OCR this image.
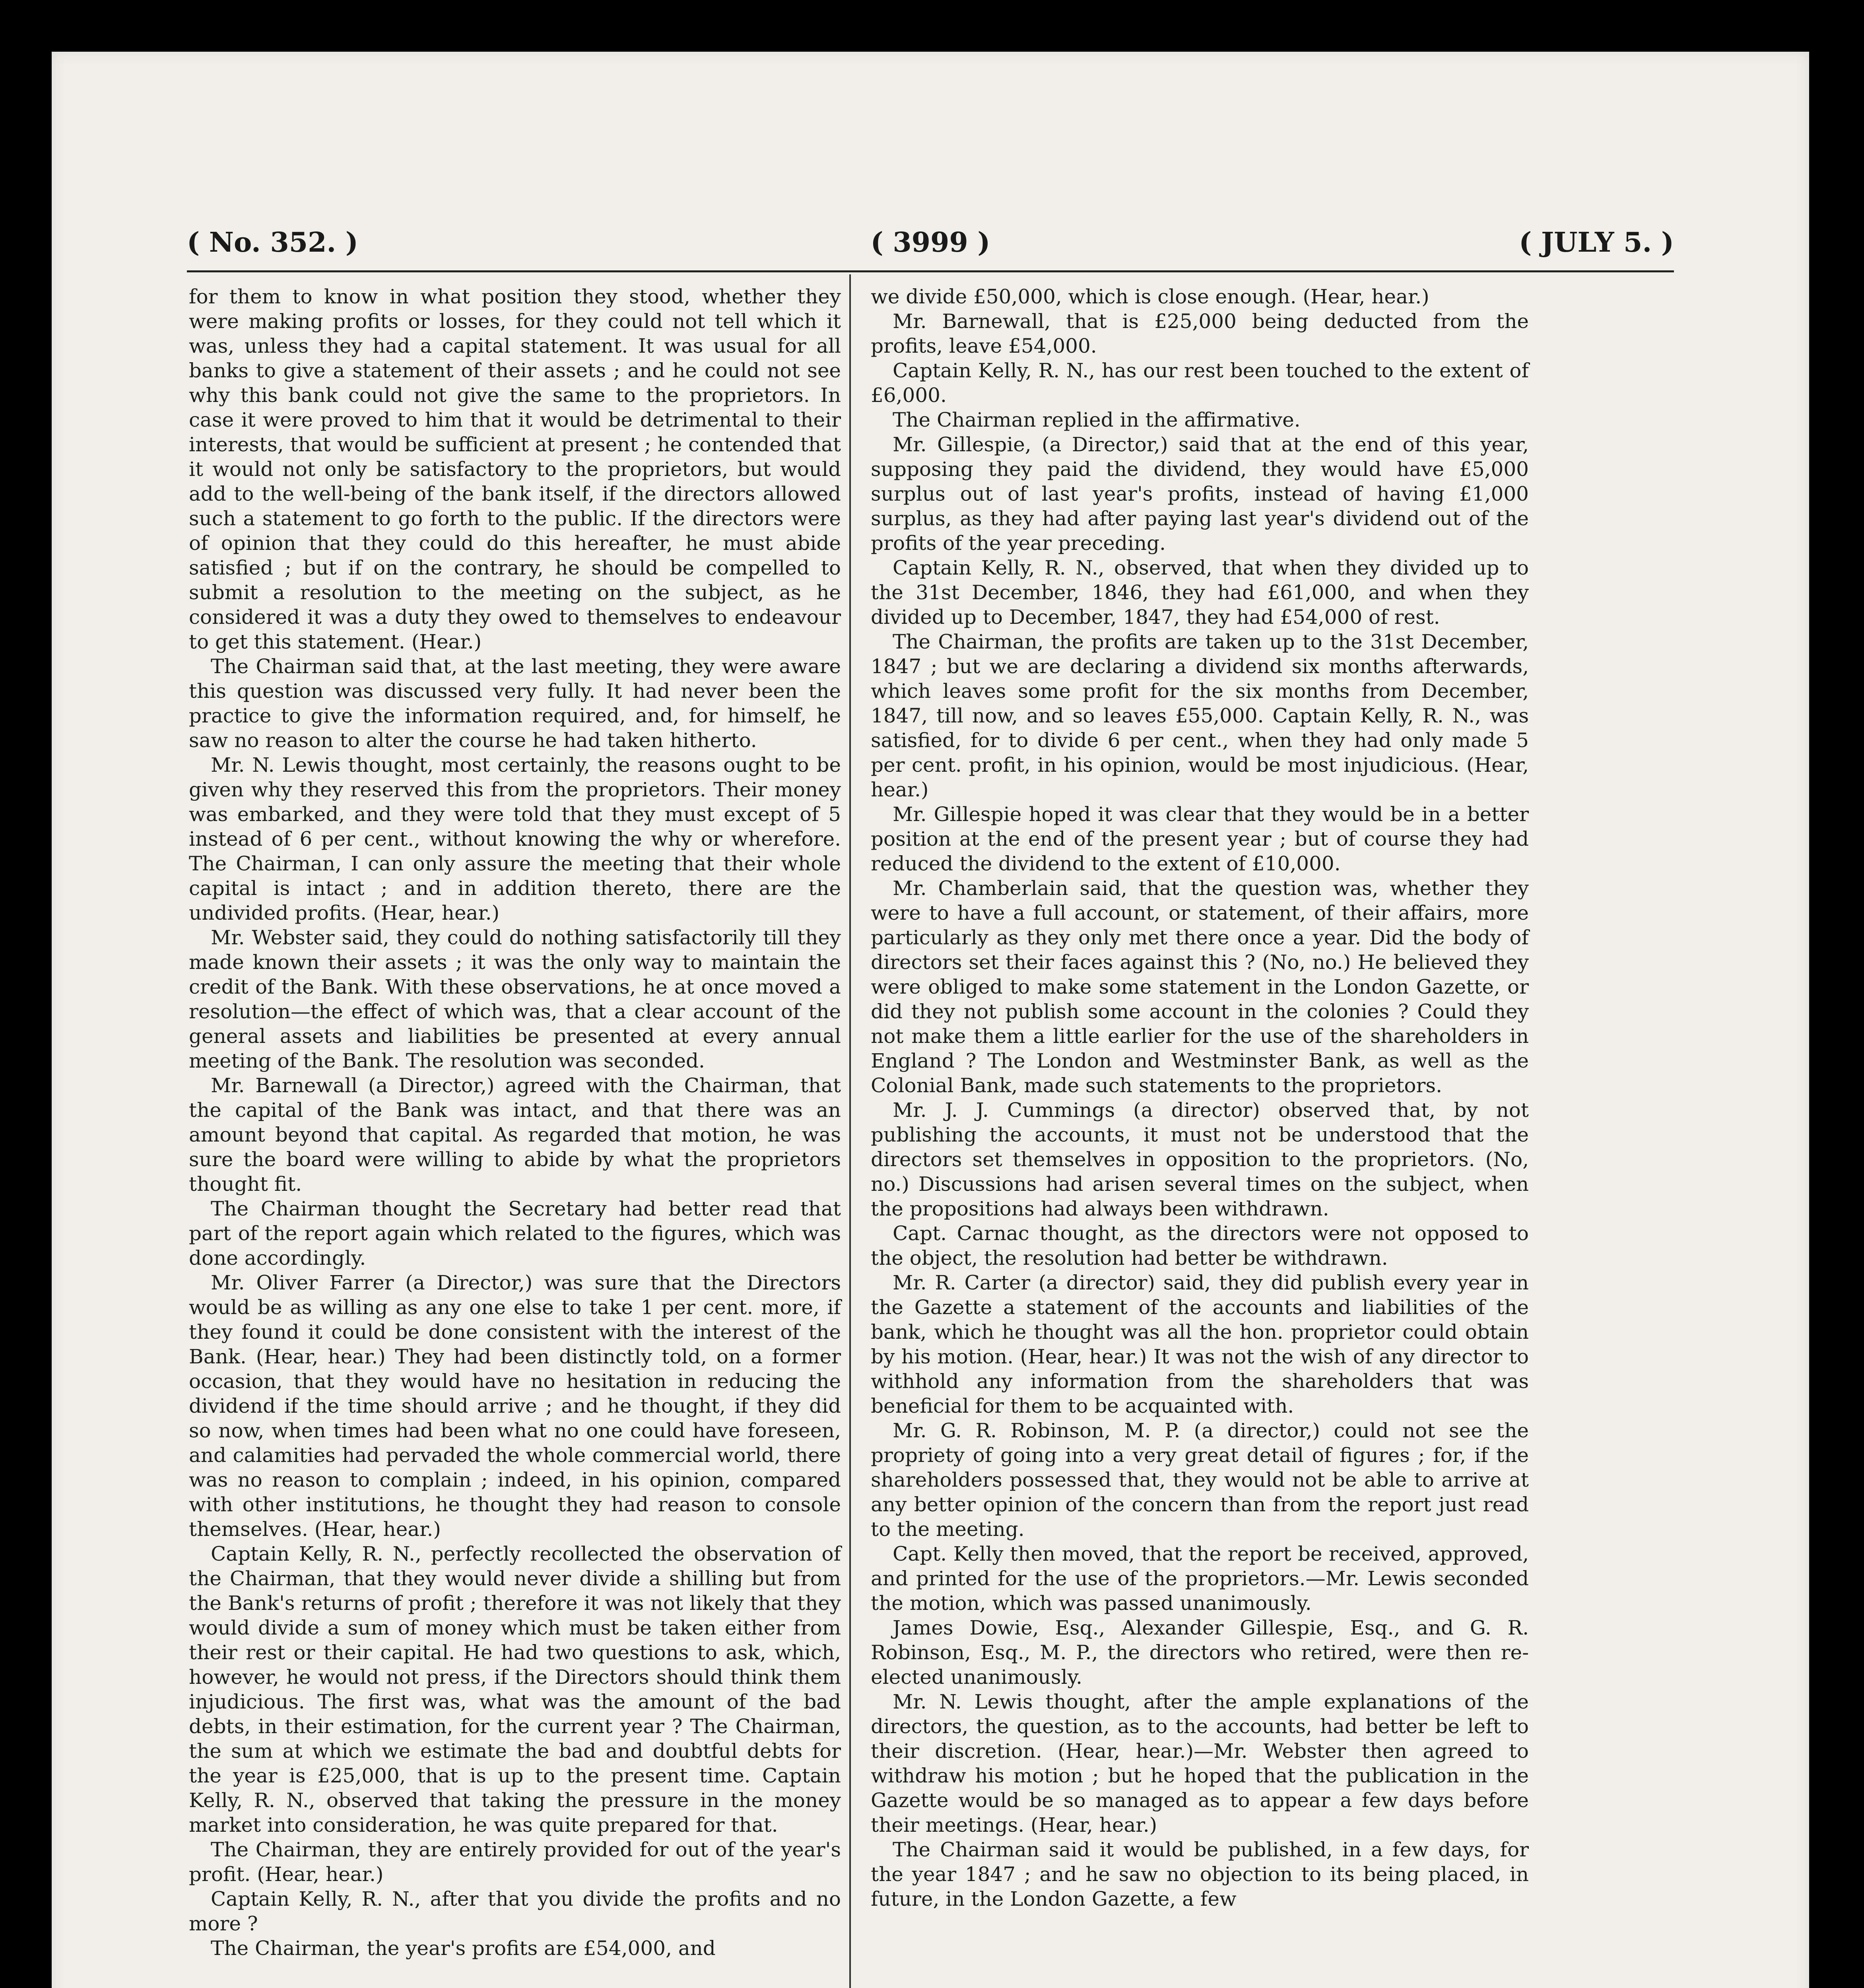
( No. 352. )	( 3999 )	( JULY 5. )

for them to know in what position they stood, whether they were making profits or losses, for they could not tell which it was, unless they had a capital statement. It was usual for all banks to give a statement of their assets ; and he could not see why this bank could not give the same to the proprietors. In case it were proved to him that it would be detrimental to their interests, that would be sufficient at present ; he contended that it would not only be satisfactory to the proprietors, but would add to the well-being of the bank itself, if the directors allowed such a statement to go forth to the public. If the directors were of opinion that they could do this hereafter, he must abide satisfied ; but if on the contrary, he should be compelled to submit a resolution to the meeting on the subject, as he considered it was a duty they owed to themselves to endeavour to get this statement. (Hear.)

The Chairman said that, at the last meeting, they were aware this question was discussed very fully. It had never been the practice to give the information required, and, for himself, he saw no reason to alter the course he had taken hitherto.

Mr. N. Lewis thought, most certainly, the reasons ought to be given why they reserved this from the proprietors. Their money was embarked, and they were told that they must except of 5 instead of 6 per cent., without knowing the why or wherefore. The Chairman, I can only assure the meeting that their whole capital is intact ; and in addition thereto, there are the undivided profits. (Hear, hear.)

Mr. Webster said, they could do nothing satisfactorily till they made known their assets ; it was the only way to maintain the credit of the Bank. With these observations, he at once moved a resolution—the effect of which was, that a clear account of the general assets and liabilities be presented at every annual meeting of the Bank. The resolution was seconded.

Mr. Barnewall (a Director,) agreed with the Chairman, that the capital of the Bank was intact, and that there was an amount beyond that capital. As regarded that motion, he was sure the board were willing to abide by what the proprietors thought fit.

The Chairman thought the Secretary had better read that part of the report again which related to the figures, which was done accordingly.

Mr. Oliver Farrer (a Director,) was sure that the Directors would be as willing as any one else to take 1 per cent. more, if they found it could be done consistent with the interest of the Bank. (Hear, hear.) They had been distinctly told, on a former occasion, that they would have no hesitation in reducing the dividend if the time should arrive ; and he thought, if they did so now, when times had been what no one could have foreseen, and calamities had pervaded the whole commercial world, there was no reason to complain ; indeed, in his opinion, compared with other institutions, he thought they had reason to console themselves. (Hear, hear.)

Captain Kelly, R. N., perfectly recollected the observation of the Chairman, that they would never divide a shilling but from the Bank's returns of profit ; therefore it was not likely that they would divide a sum of money which must be taken either from their rest or their capital. He had two questions to ask, which, however, he would not press, if the Directors should think them injudicious. The first was, what was the amount of the bad debts, in their estimation, for the current year ? The Chairman, the sum at which we estimate the bad and doubtful debts for the year is £25,000, that is up to the present time. Captain Kelly, R. N., observed that taking the pressure in the money market into consideration, he was quite prepared for that.

The Chairman, they are entirely provided for out of the year's profit. (Hear, hear.)

Captain Kelly, R. N., after that you divide the profits and no more ?

The Chairman, the year's profits are £54,000, and

we divide £50,000, which is close enough. (Hear, hear.)

Mr. Barnewall, that is £25,000 being deducted from the profits, leave £54,000.

Captain Kelly, R. N., has our rest been touched to the extent of £6,000.

The Chairman replied in the affirmative.

Mr. Gillespie, (a Director,) said that at the end of this year, supposing they paid the dividend, they would have £5,000 surplus out of last year's profits, instead of having £1,000 surplus, as they had after paying last year's dividend out of the profits of the year preceding.

Captain Kelly, R. N., observed, that when they divided up to the 31st December, 1846, they had £61,000, and when they divided up to December, 1847, they had £54,000 of rest.

The Chairman, the profits are taken up to the 31st December, 1847 ; but we are declaring a dividend six months afterwards, which leaves some profit for the six months from December, 1847, till now, and so leaves £55,000. Captain Kelly, R. N., was satisfied, for to divide 6 per cent., when they had only made 5 per cent. profit, in his opinion, would be most injudicious. (Hear, hear.)

Mr. Gillespie hoped it was clear that they would be in a better position at the end of the present year ; but of course they had reduced the dividend to the extent of £10,000.

Mr. Chamberlain said, that the question was, whether they were to have a full account, or statement, of their affairs, more particularly as they only met there once a year. Did the body of directors set their faces against this ? (No, no.) He believed they were obliged to make some statement in the London Gazette, or did they not publish some account in the colonies ? Could they not make them a little earlier for the use of the shareholders in England ? The London and Westminster Bank, as well as the Colonial Bank, made such statements to the proprietors.

Mr. J. J. Cummings (a director) observed that, by not publishing the accounts, it must not be understood that the directors set themselves in opposition to the proprietors. (No, no.) Discussions had arisen several times on the subject, when the propositions had always been withdrawn.

Capt. Carnac thought, as the directors were not opposed to the object, the resolution had better be withdrawn.

Mr. R. Carter (a director) said, they did publish every year in the Gazette a statement of the accounts and liabilities of the bank, which he thought was all the hon. proprietor could obtain by his motion. (Hear, hear.) It was not the wish of any director to withhold any information from the shareholders that was beneficial for them to be acquainted with.

Mr. G. R. Robinson, M. P. (a director,) could not see the propriety of going into a very great detail of figures ; for, if the shareholders possessed that, they would not be able to arrive at any better opinion of the concern than from the report just read to the meeting.

Capt. Kelly then moved, that the report be received, approved, and printed for the use of the proprietors.—Mr. Lewis seconded the motion, which was passed unanimously.

James Dowie, Esq., Alexander Gillespie, Esq., and G. R. Robinson, Esq., M. P., the directors who retired, were then re-elected unanimously.

Mr. N. Lewis thought, after the ample explanations of the directors, the question, as to the accounts, had better be left to their discretion. (Hear, hear.)—Mr. Webster then agreed to withdraw his motion ; but he hoped that the publication in the Gazette would be so managed as to appear a few days before their meetings. (Hear, hear.)

The Chairman said it would be published, in a few days, for the year 1847 ; and he saw no objection to its being placed, in future, in the London Gazette, a few
